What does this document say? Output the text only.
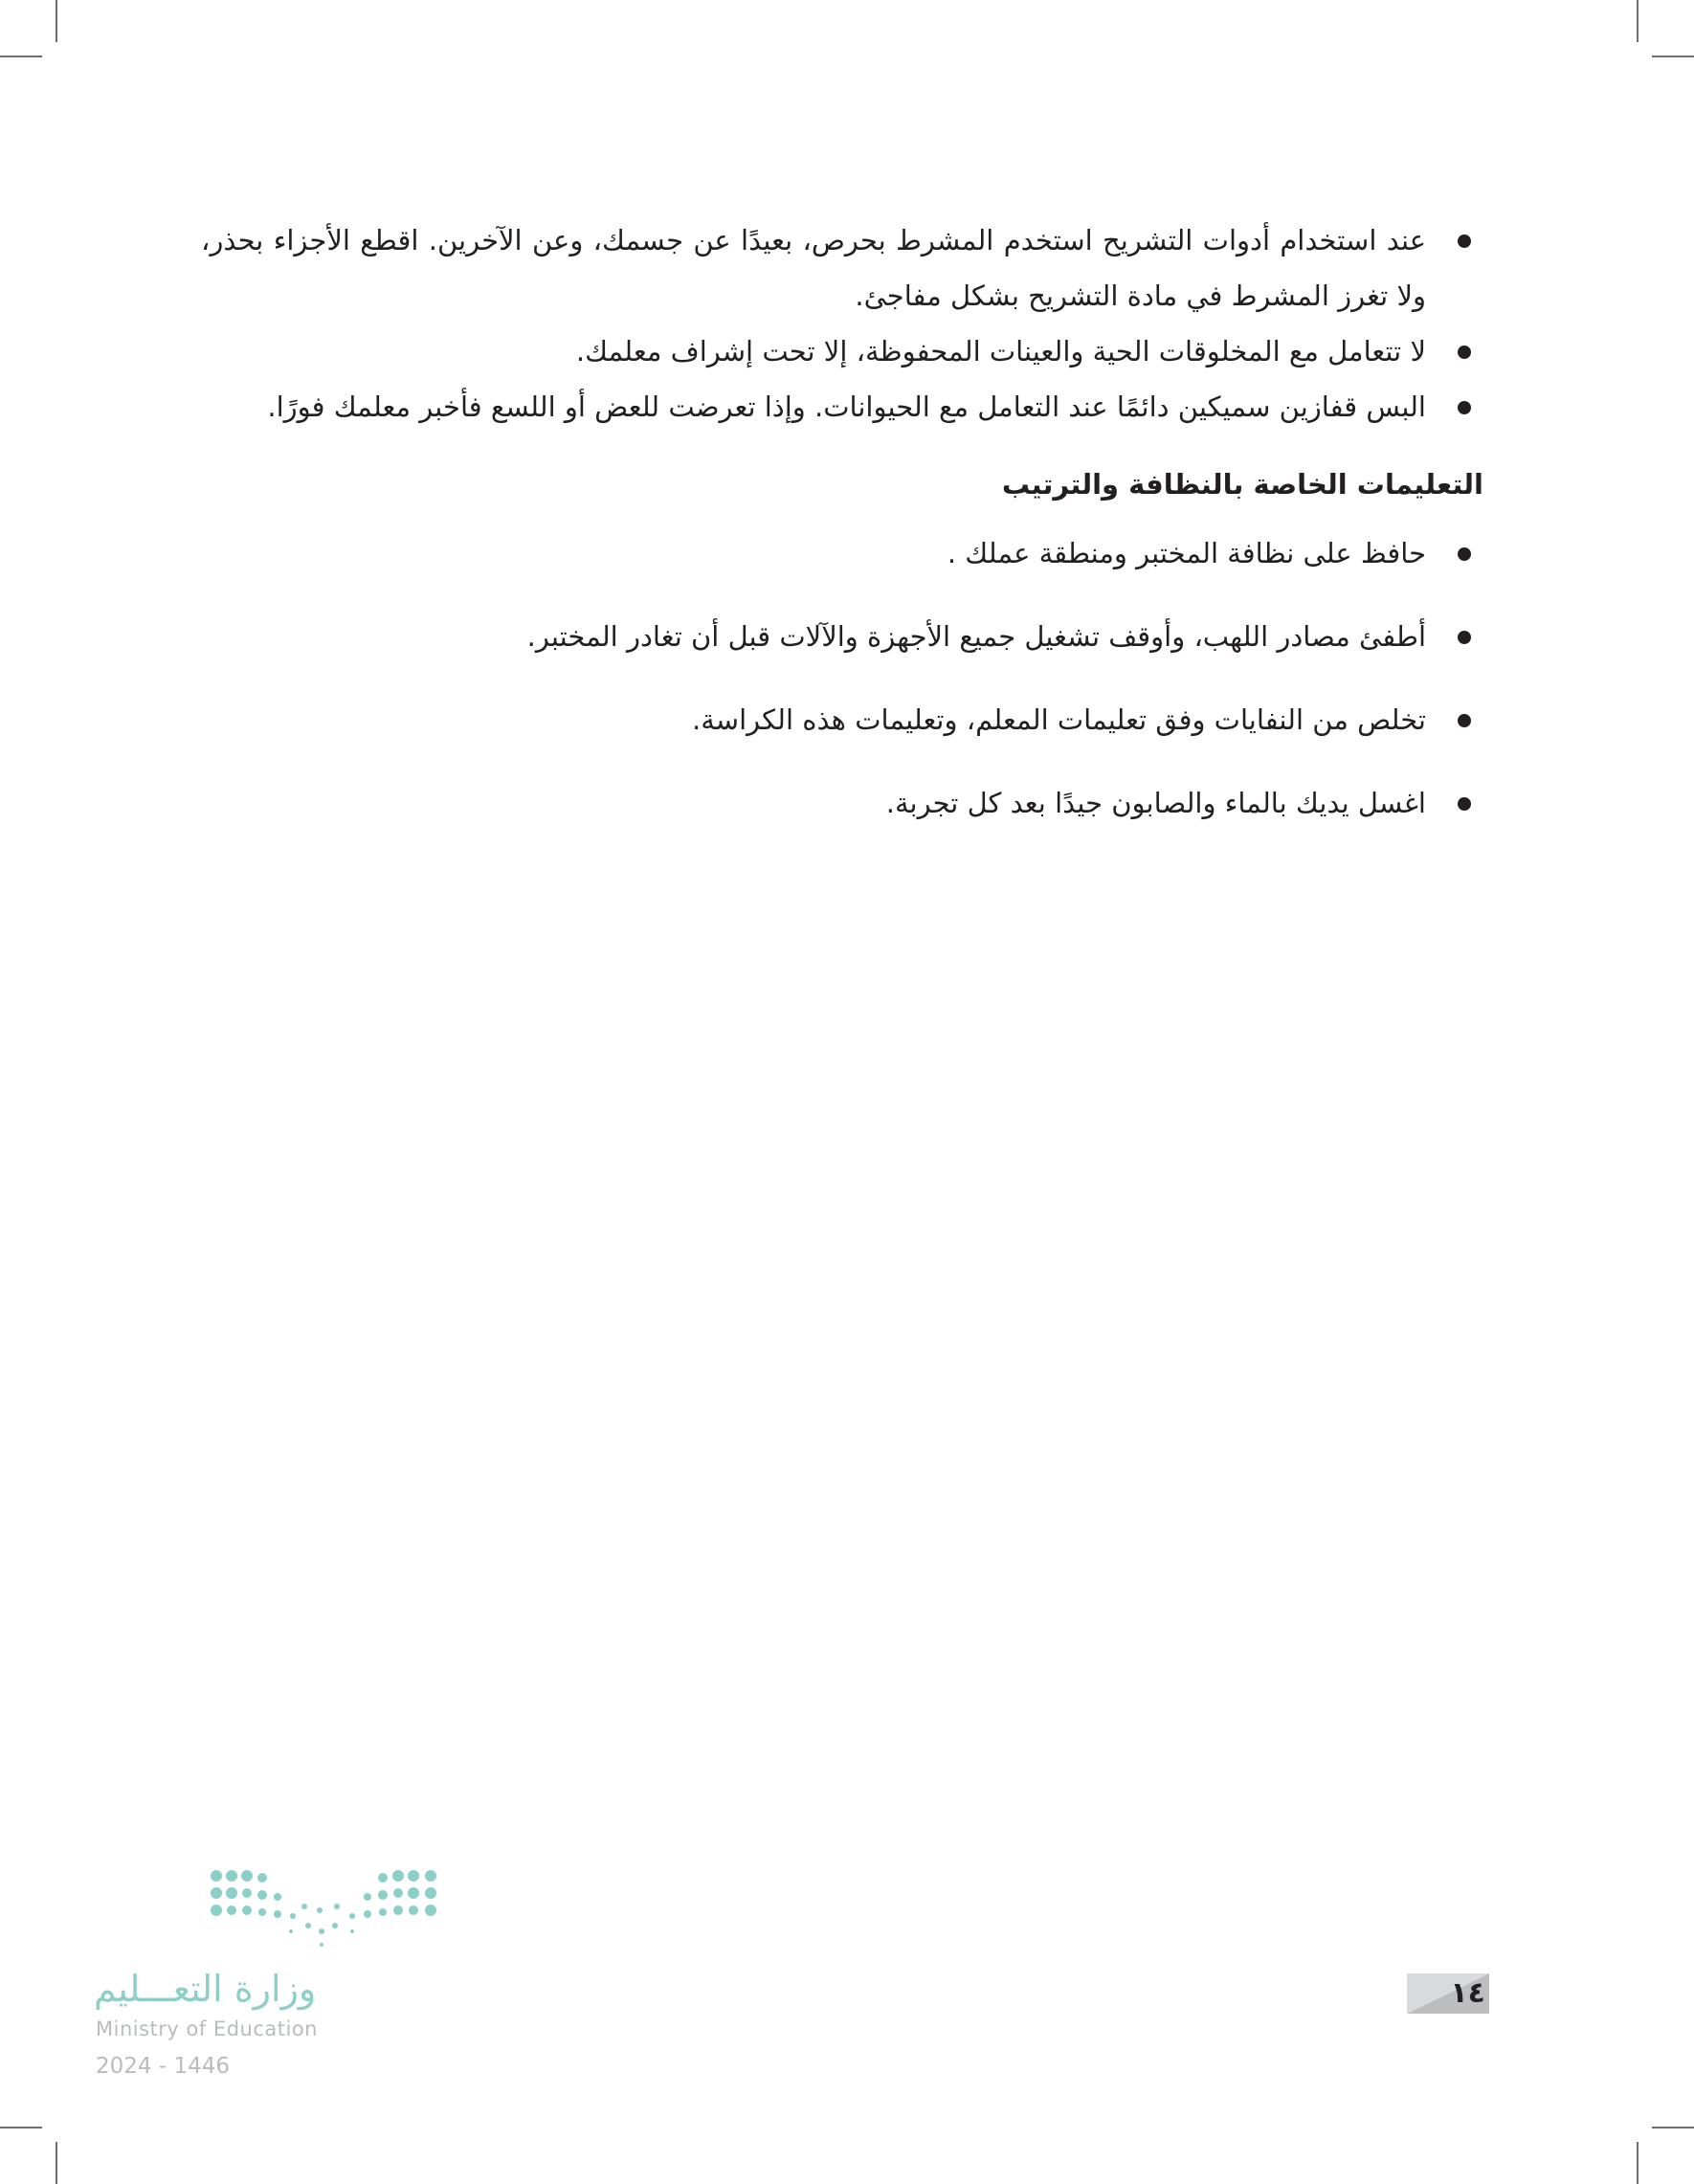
عند استخدام أدوات التشريح استخدم المشرط بحرص، بعيدًا عن جسمك، وعن الآخرين. اقطع الأجزاء بحذر، ولا تغرز المشرط في مادة التشريح بشكل مفاجئ.
لا تتعامل مع المخلوقات الحية والعينات المحفوظة، إلا تحت إشراف معلمك.
البس قفازين سميكين دائمًا عند التعامل مع الحيوانات. وإذا تعرضت للعض أو اللسع فأخبر معلمك فورًا.
التعليمات الخاصة بالنظافة والترتيب
حافظ على نظافة المختبر ومنطقة عملك .
أطفئ مصادر اللهب، وأوقف تشغيل جميع الأجهزة والآلات قبل أن تغادر المختبر.
تخلص من النفايات وفق تعليمات المعلم، وتعليمات هذه الكراسة.
اغسل يديك بالماء والصابون جيدًا بعد كل تجربة.
وزارة التعـــليم
Ministry of Education
2024 - 1446
١٤
